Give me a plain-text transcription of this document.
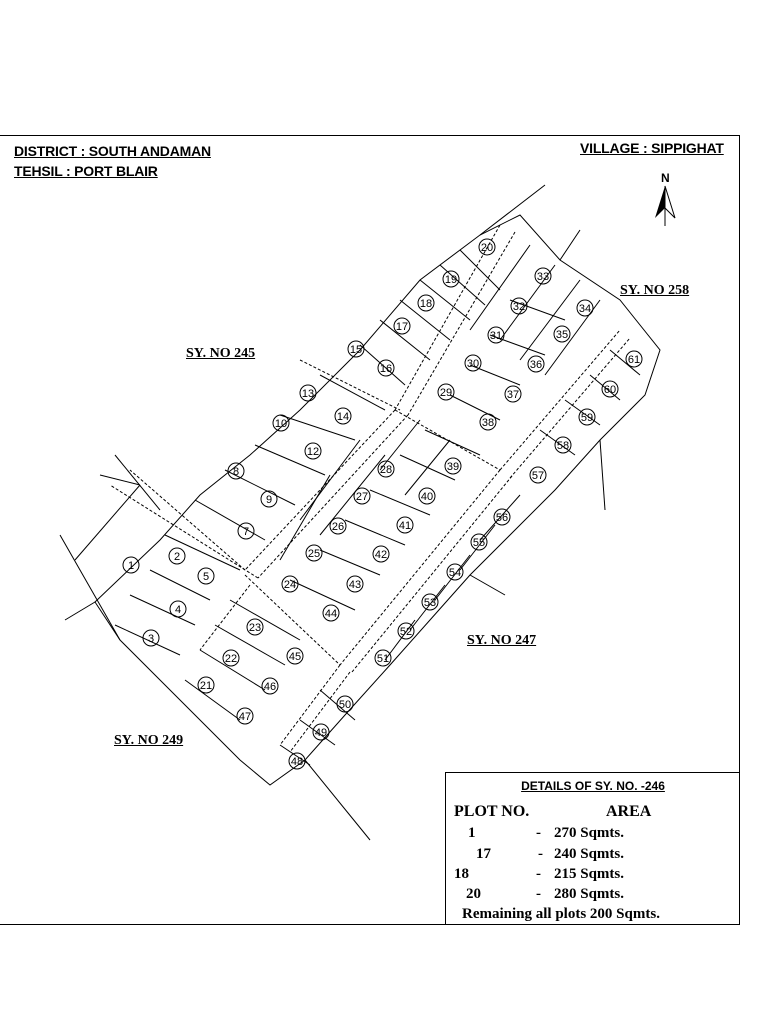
DISTRICT : SOUTH ANDAMAN
TEHSIL : PORT BLAIR
VILLAGE : SIPPIGHAT
N
1
2
3
4
5
7
8
9
10
12
13
14
15
16
17
18
19
20
21
22
23
24
25
26
27
28
29
30
31
32
33
34
35
36
37
38
39
40
41
42
43
44
45
46
47
48
49
50
51
52
53
54
55
56
57
58
59
60
61
SY. NO 245
SY. NO 258
SY. NO 247
SY. NO 249
DETAILS OF SY. NO. -246
PLOT NO.	AREA
1	- 270 Sqmts.
17	- 240 Sqmts.
18	- 215 Sqmts.
20	- 280 Sqmts.
Remaining all plots 200 Sqmts.
